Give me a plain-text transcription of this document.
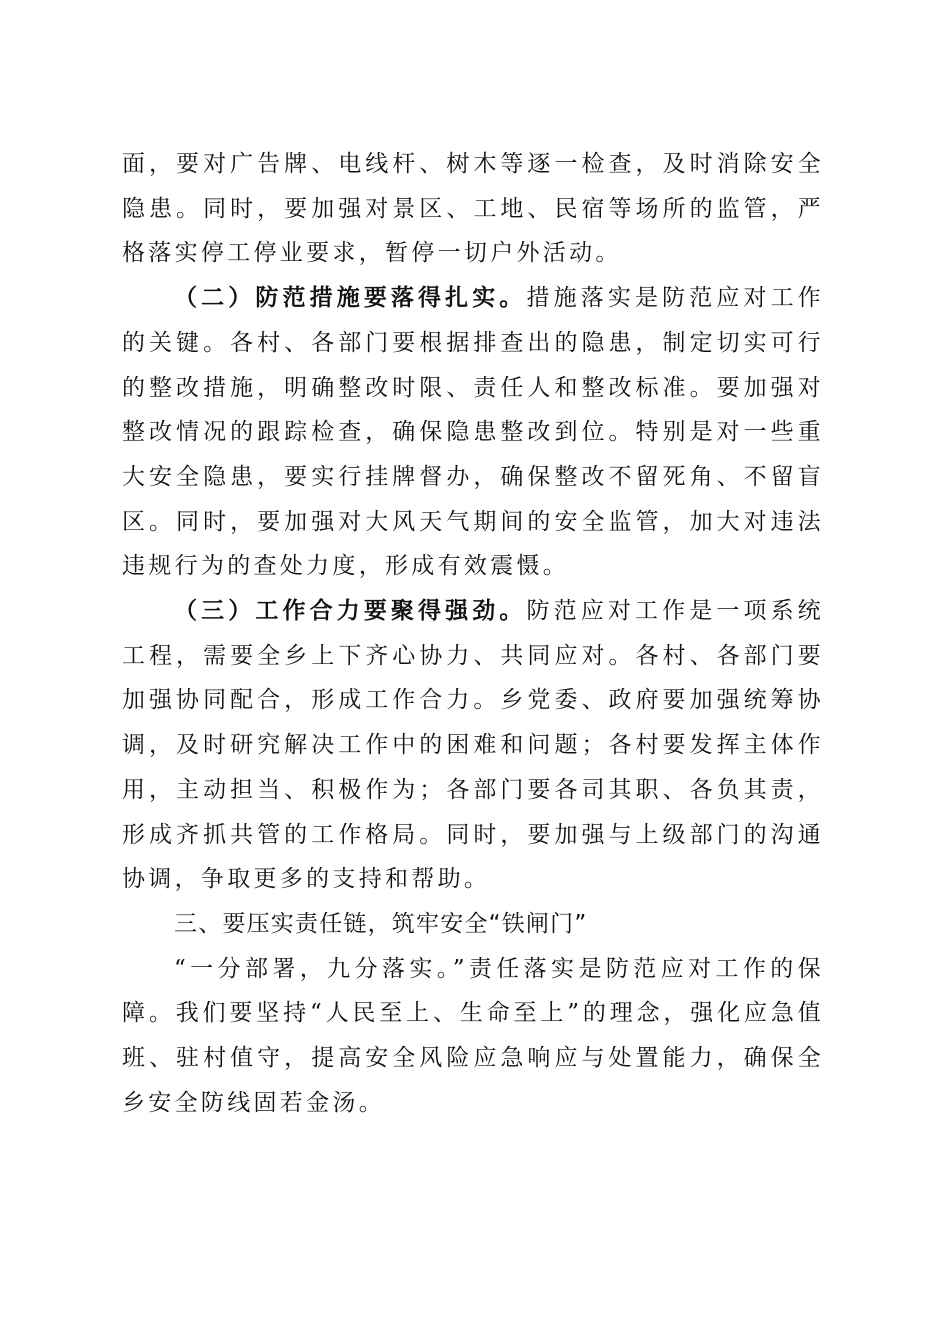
面，要对广告牌、电线杆、树木等逐一检查，及时消除安全隐患。同时，要加强对景区、工地、民宿等场所的监管，严格落实停工停业要求，暂停一切户外活动。

（二）防范措施要落得扎实。措施落实是防范应对工作的关键。各村、各部门要根据排查出的隐患，制定切实可行的整改措施，明确整改时限、责任人和整改标准。要加强对整改情况的跟踪检查，确保隐患整改到位。特别是对一些重大安全隐患，要实行挂牌督办，确保整改不留死角、不留盲区。同时，要加强对大风天气期间的安全监管，加大对违法违规行为的查处力度，形成有效震慑。

（三）工作合力要聚得强劲。防范应对工作是一项系统工程，需要全乡上下齐心协力、共同应对。各村、各部门要加强协同配合，形成工作合力。乡党委、政府要加强统筹协调，及时研究解决工作中的困难和问题；各村要发挥主体作用，主动担当、积极作为；各部门要各司其职、各负其责，形成齐抓共管的工作格局。同时，要加强与上级部门的沟通协调，争取更多的支持和帮助。

三、要压实责任链，筑牢安全“铁闸门”

“一分部署，九分落实。”责任落实是防范应对工作的保障。我们要坚持“人民至上、生命至上”的理念，强化应急值班、驻村值守，提高安全风险应急响应与处置能力，确保全乡安全防线固若金汤。
